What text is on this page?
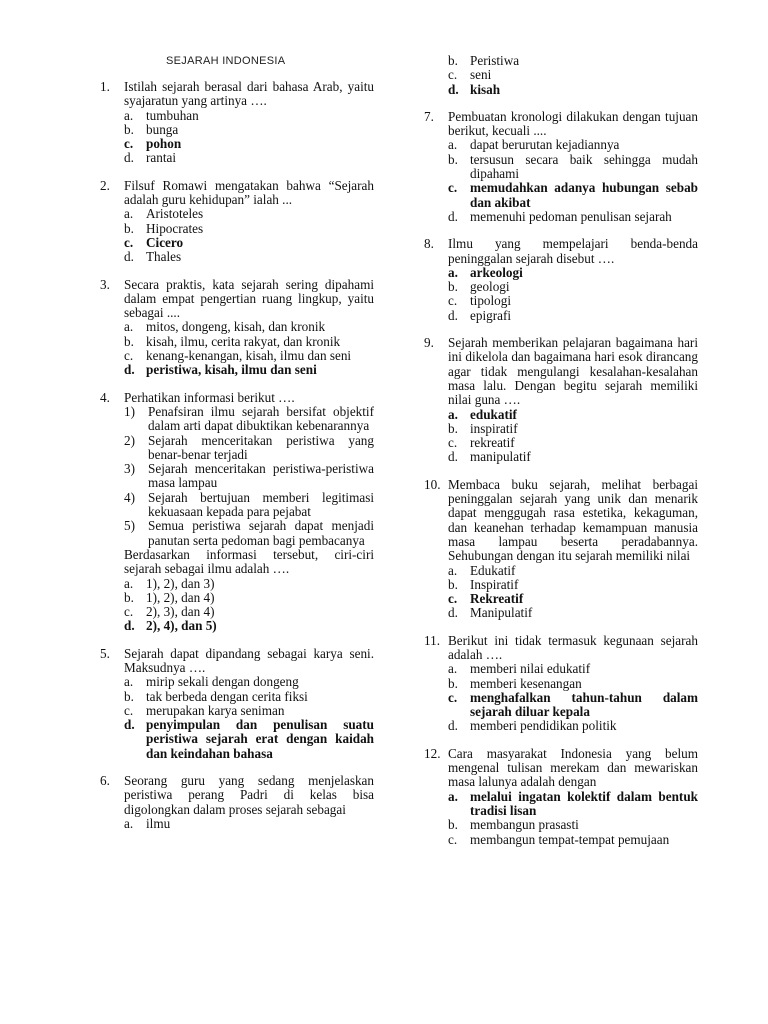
SEJARAH INDONESIA
1.	Istilah sejarah berasal dari bahasa Arab, yaitu syajaratun yang artinya ….
a. tumbuhan
b. bunga
c. pohon
d. rantai
2.	Filsuf Romawi mengatakan bahwa “Sejarah adalah guru kehidupan” ialah ...
a. Aristoteles
b. Hipocrates
c. Cicero
d. Thales
3.	Secara praktis, kata sejarah sering dipahami dalam empat pengertian ruang lingkup, yaitu sebagai ....
a. mitos, dongeng, kisah, dan kronik
b. kisah, ilmu, cerita rakyat, dan kronik
c. kenang-kenangan, kisah, ilmu dan seni
d. peristiwa, kisah, ilmu dan seni
4.	Perhatikan informasi berikut ….
1) Penafsiran ilmu sejarah bersifat objektif dalam arti dapat dibuktikan kebenarannya
2) Sejarah menceritakan peristiwa yang benar-benar terjadi
3) Sejarah menceritakan peristiwa-peristiwa masa lampau
4) Sejarah bertujuan memberi legitimasi kekuasaan kepada para pejabat
5) Semua peristiwa sejarah dapat menjadi panutan serta pedoman bagi pembacanya
Berdasarkan informasi tersebut, ciri-ciri sejarah sebagai ilmu adalah ….
a. 1), 2), dan 3)
b. 1), 2), dan 4)
c. 2), 3), dan 4)
d. 2), 4), dan 5)
5.	Sejarah dapat dipandang sebagai karya seni. Maksudnya ….
a. mirip sekali dengan dongeng
b. tak berbeda dengan cerita fiksi
c. merupakan karya seniman
d. penyimpulan dan penulisan suatu peristiwa sejarah erat dengan kaidah dan keindahan bahasa
6.	Seorang guru yang sedang menjelaskan peristiwa perang Padri di kelas bisa digolongkan dalam proses sejarah sebagai
a. ilmu
b. Peristiwa
c. seni
d. kisah
7.	Pembuatan kronologi dilakukan dengan tujuan berikut, kecuali ....
a. dapat berurutan kejadiannya
b. tersusun secara baik sehingga mudah dipahami
c. memudahkan adanya hubungan sebab dan akibat
d. memenuhi pedoman penulisan sejarah
8.	Ilmu yang mempelajari benda-benda peninggalan sejarah disebut ….
a. arkeologi
b. geologi
c. tipologi
d. epigrafi
9.	Sejarah memberikan pelajaran bagaimana hari ini dikelola dan bagaimana hari esok dirancang agar tidak mengulangi kesalahan-kesalahan masa lalu. Dengan begitu sejarah memiliki nilai guna ….
a. edukatif
b. inspiratif
c. rekreatif
d. manipulatif
10. Membaca buku sejarah, melihat berbagai peninggalan sejarah yang unik dan menarik dapat menggugah rasa estetika, kekaguman, dan keanehan terhadap kemampuan manusia masa lampau beserta peradabannya. Sehubungan dengan itu sejarah memiliki nilai
a. Edukatif
b. Inspiratif
c. Rekreatif
d. Manipulatif
11. Berikut ini tidak termasuk kegunaan sejarah adalah ….
a. memberi nilai edukatif
b. memberi kesenangan
c. menghafalkan tahun-tahun dalam sejarah diluar kepala
d. memberi pendidikan politik
12. Cara masyarakat Indonesia yang belum mengenal tulisan merekam dan mewariskan masa lalunya adalah dengan
a. melalui ingatan kolektif dalam bentuk tradisi lisan
b. membangun prasasti
c. membangun tempat-tempat pemujaan
